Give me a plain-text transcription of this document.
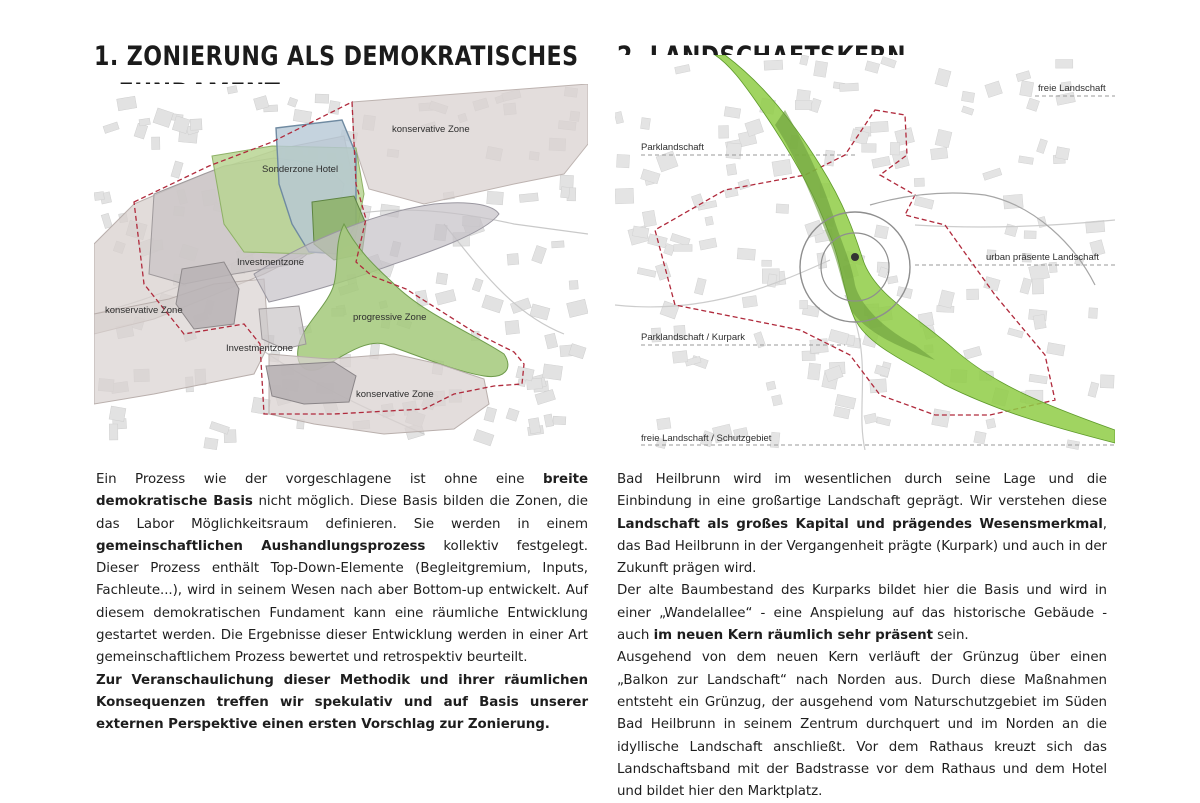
1. ZONIERUNG ALS DEMOKRATISCHES
konservative Zone
Sonderzone Hotel
Investmentzone
konservative Zone
progressive Zone
Investmentzone
konservative Zone
freie Landschaft
Parklandschaft
urban präsente Landschaft
Parklandschaft / Kurpark
freie Landschaft / Schutzgebiet

Ein Prozess wie der vorgeschlagene ist ohne eine breite demokratische Basis nicht möglich. Diese Basis bilden die Zonen, die das Labor Möglichkeitsraum definieren. Sie werden in einem gemeinschaftlichen Aushandlungsprozess kollektiv festgelegt. Dieser Prozess enthält Top-Down-Elemente (Begleitgremium, Inputs, Fachleute...), wird in seinem Wesen nach aber Bottom-up entwickelt. Auf diesem demokratischen Fundament kann eine räumliche Entwicklung gestartet werden. Die Ergebnisse dieser Entwicklung werden in einer Art gemeinschaftlichem Prozess bewertet und retrospektiv beurteilt.

Zur Veranschaulichung dieser Methodik und ihrer räumlichen Konsequenzen treffen wir spekulativ und auf Basis unserer externen Perspektive einen ersten Vorschlag zur Zonierung.

Bad Heilbrunn wird im wesentlichen durch seine Lage und die Einbindung in eine großartige Landschaft geprägt. Wir verstehen diese Landschaft als großes Kapital und prägendes Wesensmerkmal, das Bad Heilbrunn in der Vergangenheit prägte (Kurpark) und auch in der Zukunft prägen wird.

Der alte Baumbestand des Kurparks bildet hier die Basis und wird in einer „Wandelallee“ - eine Anspielung auf das historische Gebäude - auch im neuen Kern räumlich sehr präsent sein.

Ausgehend von dem neuen Kern verläuft der Grünzug über einen „Balkon zur Landschaft“ nach Norden aus. Durch diese Maßnahmen entsteht ein Grünzug, der ausgehend vom Naturschutzgebiet im Süden Bad Heilbrunn in seinem Zentrum durchquert und im Norden an die idyllische Landschaft anschließt. Vor dem Rathaus kreuzt sich das Landschaftsband mit der Badstrasse vor dem Rathaus und dem Hotel und bildet hier den Marktplatz.
